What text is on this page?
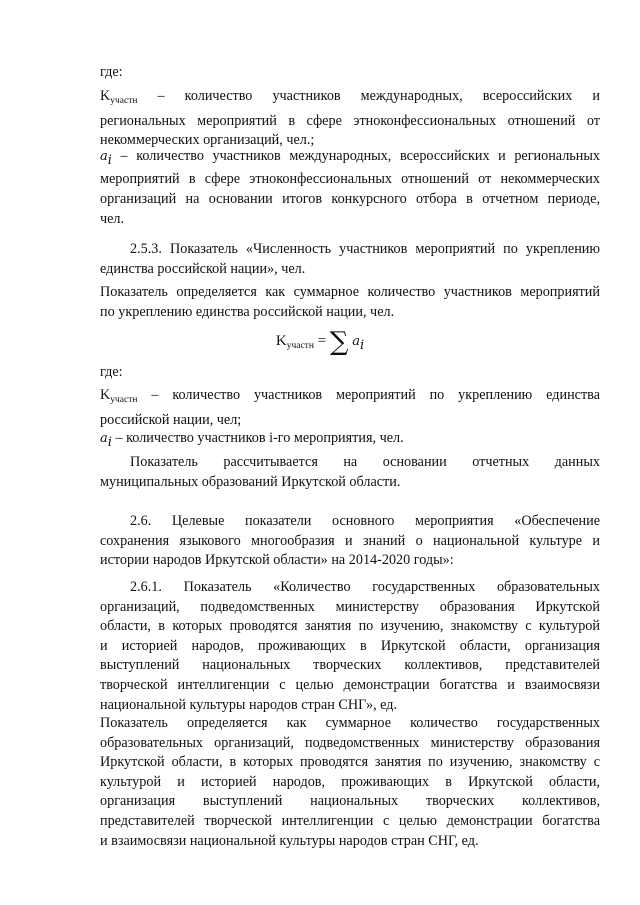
где:
$K_{участн}$ – количество участников международных, всероссийских и
региональных мероприятий в сфере этноконфессиональных отношений от
некоммерческих организаций, чел.;
$a_i$ – количество участников международных, всероссийских и региональных
мероприятий в сфере этноконфессиональных отношений от некоммерческих
организаций на основании итогов конкурсного отбора в отчетном периоде,
чел.
2.5.3. Показатель «Численность участников мероприятий по укреплению
единства российской нации», чел.
Показатель определяется как суммарное количество участников мероприятий
по укреплению единства российской нации, чел.
$K_{участн}$ = ∑ $a_i$
где:
$K_{участн}$ – количество участников мероприятий по укреплению единства
российской нации, чел;
$a_i$ – количество участников i-го мероприятия, чел.
Показатель рассчитывается на основании отчетных данных
муниципальных образований Иркутской области.
2.6. Целевые показатели основного мероприятия «Обеспечение
сохранения языкового многообразия и знаний о национальной культуре и
истории народов Иркутской области» на 2014-2020 годы»:
2.6.1. Показатель «Количество государственных образовательных
организаций, подведомственных министерству образования Иркутской
области, в которых проводятся занятия по изучению, знакомству с культурой
и историей народов, проживающих в Иркутской области, организация
выступлений национальных творческих коллективов, представителей
творческой интеллигенции с целью демонстрации богатства и взаимосвязи
национальной культуры народов стран СНГ», ед.
Показатель определяется как суммарное количество государственных
образовательных организаций, подведомственных министерству образования
Иркутской области, в которых проводятся занятия по изучению, знакомству с
культурой и историей народов, проживающих в Иркутской области,
организация выступлений национальных творческих коллективов,
представителей творческой интеллигенции с целью демонстрации богатства
и взаимосвязи национальной культуры народов стран СНГ, ед.
